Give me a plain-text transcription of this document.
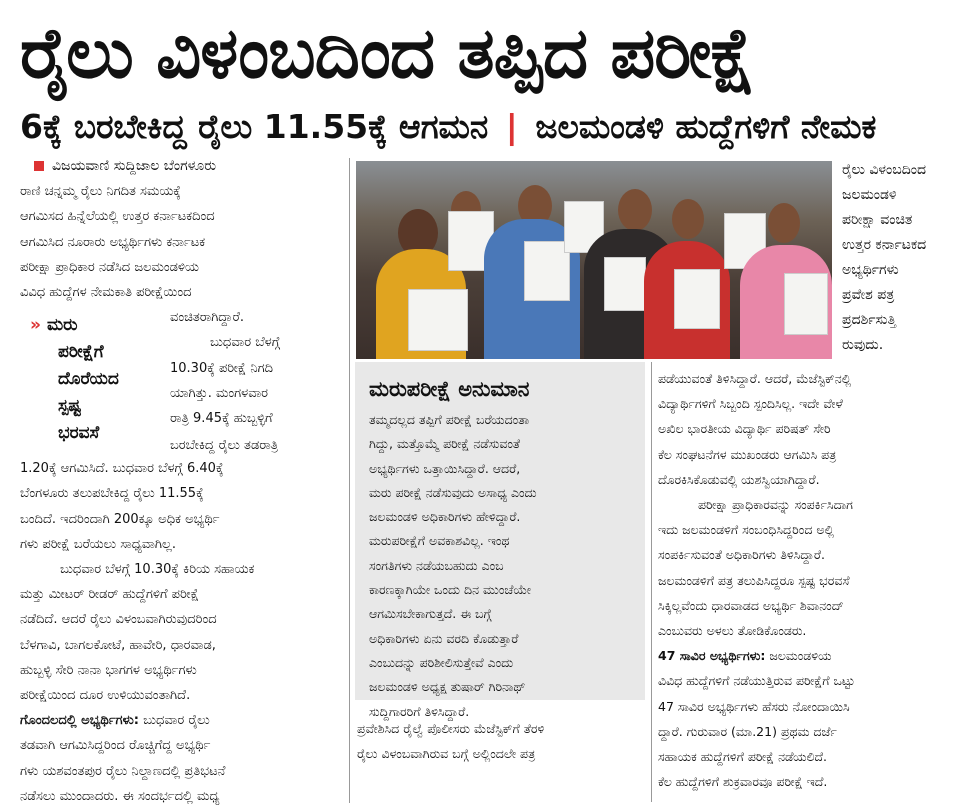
ರೈಲು ವಿಳಂಬದಿಂದ ತಪ್ಪಿದ ಪರೀಕ್ಷೆ
6ಕ್ಕೆ ಬರಬೇಕಿದ್ದ ರೈಲು 11.55ಕ್ಕೆ ಆಗಮನ | ಜಲಮಂಡಳಿ ಹುದ್ದೆಗಳಿಗೆ ನೇಮಕ
ವಿಜಯವಾಣಿ ಸುದ್ದಿಜಾಲ ಬೆಂಗಳೂರು

ರಾಣಿ ಚನ್ನಮ್ಮ ರೈಲು ನಿಗದಿತ ಸಮಯಕ್ಕೆ

ಆಗಮಿಸದ ಹಿನ್ನೆಲೆಯಲ್ಲಿ ಉತ್ತರ ಕರ್ನಾಟಕದಿಂದ

ಆಗಮಿಸಿದ ನೂರಾರು ಅಭ್ಯರ್ಥಿಗಳು ಕರ್ನಾಟಕ

ಪರೀಕ್ಷಾ ಪ್ರಾಧಿಕಾರ ನಡೆಸಿದ ಜಲಮಂಡಳಿಯ

ವಿವಿಧ ಹುದ್ದೆಗಳ ನೇಮಕಾತಿ ಪರೀಕ್ಷೆಯಿಂದ

ವಂಚಿತರಾಗಿದ್ದಾರೆ.

ಬುಧವಾರ ಬೆಳಗ್ಗೆ

10.30ಕ್ಕೆ ಪರೀಕ್ಷೆ ನಿಗದಿ

ಯಾಗಿತ್ತು. ಮಂಗಳವಾರ

ರಾತ್ರಿ 9.45ಕ್ಕೆ ಹುಬ್ಬಳ್ಳಿಗೆ

ಬರಬೇಕಿದ್ದ ರೈಲು ತಡರಾತ್ರಿ

1.20ಕ್ಕೆ ಆಗಮಿಸಿದೆ. ಬುಧವಾರ ಬೆಳಗ್ಗೆ 6.40ಕ್ಕೆ

ಬೆಂಗಳೂರು ತಲುಪಬೇಕಿದ್ದ ರೈಲು 11.55ಕ್ಕೆ

ಬಂದಿದೆ. ಇದರಿಂದಾಗಿ 200ಕ್ಕೂ ಅಧಿಕ ಅಭ್ಯರ್ಥಿ

ಗಳು ಪರೀಕ್ಷೆ ಬರೆಯಲು ಸಾಧ್ಯವಾಗಿಲ್ಲ.

ಬುಧವಾರ ಬೆಳಗ್ಗೆ 10.30ಕ್ಕೆ ಕಿರಿಯ ಸಹಾಯಕ

ಮತ್ತು ಮೀಟರ್ ರೀಡರ್ ಹುದ್ದೆಗಳಿಗೆ ಪರೀಕ್ಷೆ

ನಡೆದಿದೆ. ಆದರೆ ರೈಲು ವಿಳಂಬವಾಗಿರುವುದರಿಂದ

ಬೆಳಗಾವಿ, ಬಾಗಲಕೋಟೆ, ಹಾವೇರಿ, ಧಾರವಾಡ,

ಹುಬ್ಬಳ್ಳಿ ಸೇರಿ ನಾನಾ ಭಾಗಗಳ ಅಭ್ಯರ್ಥಿಗಳು

ಪರೀಕ್ಷೆಯಿಂದ ದೂರ ಉಳಿಯುವಂತಾಗಿದೆ.

ಗೊಂದಲದಲ್ಲಿ ಅಭ್ಯರ್ಥಿಗಳು: ಬುಧವಾರ ರೈಲು

ತಡವಾಗಿ ಆಗಮಿಸಿದ್ದರಿಂದ ರೊಚ್ಚಿಗೆದ್ದ ಅಭ್ಯರ್ಥಿ

ಗಳು ಯಶವಂತಪುರ ರೈಲು ನಿಲ್ದಾಣದಲ್ಲಿ ಪ್ರತಿಭಟನೆ

ನಡೆಸಲು ಮುಂದಾದರು. ಈ ಸಂದರ್ಭದಲ್ಲಿ ಮಧ್ಯ

» ಮರು
ಪರೀಕ್ಷೆಗೆ
ದೊರೆಯದ
ಸ್ಪಷ್ಟ
ಭರವಸೆ
ರೈಲು ವಿಳಂಬದಿಂದ
ಜಲಮಂಡಳಿ
ಪರೀಕ್ಷಾ ವಂಚಿತ
ಉತ್ತರ ಕರ್ನಾಟಕದ
ಅಭ್ಯರ್ಥಿಗಳು
ಪ್ರವೇಶ ಪತ್ರ
ಪ್ರದರ್ಶಿಸುತ್ತಿ
ರುವುದು.
ಮರುಪರೀಕ್ಷೆ ಅನುಮಾನ

ತಮ್ಮದಲ್ಲದ ತಪ್ಪಿಗೆ ಪರೀಕ್ಷೆ ಬರೆಯದಂತಾ

ಗಿದ್ದು, ಮತ್ತೊಮ್ಮೆ ಪರೀಕ್ಷೆ ನಡೆಸುವಂತೆ

ಅಭ್ಯರ್ಥಿಗಳು ಒತ್ತಾಯಿಸಿದ್ದಾರೆ. ಆದರೆ,

ಮರು ಪರೀಕ್ಷೆ ನಡೆಸುವುದು ಅಸಾಧ್ಯ ಎಂದು

ಜಲಮಂಡಳಿ ಅಧಿಕಾರಿಗಳು ಹೇಳಿದ್ದಾರೆ.

ಮರುಪರೀಕ್ಷೆಗೆ ಅವಕಾಶವಿಲ್ಲ. ಇಂಥ

ಸಂಗತಿಗಳು ನಡೆಯಬಹುದು ಎಂಬ

ಕಾರಣಕ್ಕಾಗಿಯೇ ಒಂದು ದಿನ ಮುಂಚೆಯೇ

ಆಗಮಿಸಬೇಕಾಗುತ್ತದೆ. ಈ ಬಗ್ಗೆ

ಅಧಿಕಾರಿಗಳು ಏನು ವರದಿ ಕೊಡುತ್ತಾರೆ

ಎಂಬುದನ್ನು ಪರಿಶೀಲಿಸುತ್ತೇವೆ ಎಂದು

ಜಲಮಂಡಳಿ ಅಧ್ಯಕ್ಷ ತುಷಾರ್ ಗಿರಿನಾಥ್

ಸುದ್ದಿಗಾರರಿಗೆ ತಿಳಿಸಿದ್ದಾರೆ.

ಪ್ರವೇಶಿಸಿದ ರೈಲ್ವೆ ಪೊಲೀಸರು ಮೆಜೆಸ್ಟಿಕ್‌ಗೆ ತೆರಳಿ

ರೈಲು ವಿಳಂಬವಾಗಿರುವ ಬಗ್ಗೆ ಅಲ್ಲಿಂದಲೇ ಪತ್ರ

ಪಡೆಯುವಂತೆ ತಿಳಿಸಿದ್ದಾರೆ. ಆದರೆ, ಮೆಜೆಸ್ಟಿಕ್‌ನಲ್ಲಿ

ವಿದ್ಯಾರ್ಥಿಗಳಿಗೆ ಸಿಬ್ಬಂದಿ ಸ್ಪಂದಿಸಿಲ್ಲ. ಇದೇ ವೇಳೆ

ಅಖಿಲ ಭಾರತೀಯ ವಿದ್ಯಾರ್ಥಿ ಪರಿಷತ್ ಸೇರಿ

ಕೆಲ ಸಂಘಟನೆಗಳ ಮುಖಂಡರು ಆಗಮಿಸಿ ಪತ್ರ

ದೊರಕಿಸಿಕೊಡುವಲ್ಲಿ ಯಶಸ್ವಿಯಾಗಿದ್ದಾರೆ.

ಪರೀಕ್ಷಾ ಪ್ರಾಧಿಕಾರವನ್ನು ಸಂಪರ್ಕಿಸಿದಾಗ

ಇದು ಜಲಮಂಡಳಿಗೆ ಸಂಬಂಧಿಸಿದ್ದರಿಂದ ಅಲ್ಲಿ

ಸಂಪರ್ಕಿಸುವಂತೆ ಅಧಿಕಾರಿಗಳು ತಿಳಿಸಿದ್ದಾರೆ.

ಜಲಮಂಡಳಿಗೆ ಪತ್ರ ತಲುಪಿಸಿದ್ದರೂ ಸ್ಪಷ್ಟ ಭರವಸೆ

ಸಿಕ್ಕಿಲ್ಲವೆಂದು ಧಾರವಾಡದ ಅಭ್ಯರ್ಥಿ ಶಿವಾನಂದ್

ಎಂಬುವರು ಅಳಲು ತೋಡಿಕೊಂಡರು.

47 ಸಾವಿರ ಅಭ್ಯರ್ಥಿಗಳು: ಜಲಮಂಡಳಿಯ

ವಿವಿಧ ಹುದ್ದೆಗಳಿಗೆ ನಡೆಯುತ್ತಿರುವ ಪರೀಕ್ಷೆಗೆ ಒಟ್ಟು

47 ಸಾವಿರ ಅಭ್ಯರ್ಥಿಗಳು ಹೆಸರು ನೋಂದಾಯಿಸಿ

ದ್ದಾರೆ. ಗುರುವಾರ (ಮಾ.21) ಪ್ರಥಮ ದರ್ಜೆ

ಸಹಾಯಕ ಹುದ್ದೆಗಳಿಗೆ ಪರೀಕ್ಷೆ ನಡೆಯಲಿದೆ.

ಕೆಲ ಹುದ್ದೆಗಳಿಗೆ ಶುಕ್ರವಾರವೂ ಪರೀಕ್ಷೆ ಇದೆ.
